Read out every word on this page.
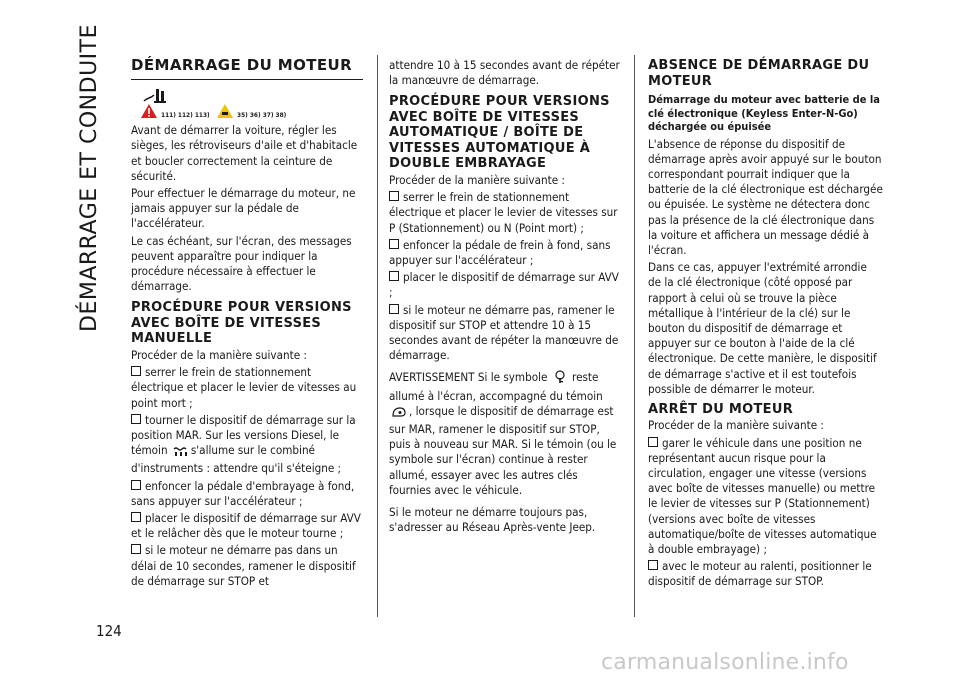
DÉMARRAGE ET CONDUITE
124
DÉMARRAGE DU MOTEUR
111) 112) 113)	35) 36) 37) 38)

Avant de démarrer la voiture, régler les sièges, les rétroviseurs d'aile et d'habitacle et boucler correctement la ceinture de sécurité.

Pour effectuer le démarrage du moteur, ne jamais appuyer sur la pédale de l'accélérateur.

Le cas échéant, sur l'écran, des messages peuvent apparaître pour indiquer la procédure nécessaire à effectuer le démarrage.

PROCÉDURE POUR VERSIONS AVEC BOÎTE DE VITESSES MANUELLE

Procéder de la manière suivante :

serrer le frein de stationnement électrique et placer le levier de vitesses au point mort ;

tourner le dispositif de démarrage sur la position MAR. Sur les versions Diesel, le témoin s'allume sur le combiné d'instruments : attendre qu'il s'éteigne ;

enfoncer la pédale d'embrayage à fond, sans appuyer sur l'accélérateur ;

placer le dispositif de démarrage sur AVV et le relâcher dès que le moteur tourne ;

si le moteur ne démarre pas dans un délai de 10 secondes, ramener le dispositif de démarrage sur STOP et

attendre 10 à 15 secondes avant de répéter la manœuvre de démarrage.

PROCÉDURE POUR VERSIONS AVEC BOÎTE DE VITESSES AUTOMATIQUE / BOÎTE DE VITESSES AUTOMATIQUE À DOUBLE EMBRAYAGE

Procéder de la manière suivante :

serrer le frein de stationnement électrique et placer le levier de vitesses sur P (Stationnement) ou N (Point mort) ;

enfoncer la pédale de frein à fond, sans appuyer sur l'accélérateur ;

placer le dispositif de démarrage sur AVV ;

si le moteur ne démarre pas, ramener le dispositif sur STOP et attendre 10 à 15 secondes avant de répéter la manœuvre de démarrage.

AVERTISSEMENT Si le symbole reste allumé à l'écran, accompagné du témoin , lorsque le dispositif de démarrage est sur MAR, ramener le dispositif sur STOP, puis à nouveau sur MAR. Si le témoin (ou le symbole sur l'écran) continue à rester allumé, essayer avec les autres clés fournies avec le véhicule.

Si le moteur ne démarre toujours pas, s'adresser au Réseau Après-vente Jeep.

ABSENCE DE DÉMARRAGE DU MOTEUR
Démarrage du moteur avec batterie de la clé électronique (Keyless Enter-N-Go) déchargée ou épuisée

L'absence de réponse du dispositif de démarrage après avoir appuyé sur le bouton correspondant pourrait indiquer que la batterie de la clé électronique est déchargée ou épuisée. Le système ne détectera donc pas la présence de la clé électronique dans la voiture et affichera un message dédié à l'écran.

Dans ce cas, appuyer l'extrémité arrondie de la clé électronique (côté opposé par rapport à celui où se trouve la pièce métallique à l'intérieur de la clé) sur le bouton du dispositif de démarrage et appuyer sur ce bouton à l'aide de la clé électronique. De cette manière, le dispositif de démarrage s'active et il est toutefois possible de démarrer le moteur.

ARRÊT DU MOTEUR

Procéder de la manière suivante :

garer le véhicule dans une position ne représentant aucun risque pour la circulation, engager une vitesse (versions avec boîte de vitesses manuelle) ou mettre le levier de vitesses sur P (Stationnement) (versions avec boîte de vitesses automatique/boîte de vitesses automatique à double embrayage) ;

avec le moteur au ralenti, positionner le dispositif de démarrage sur STOP.

carmanualsonline.info
